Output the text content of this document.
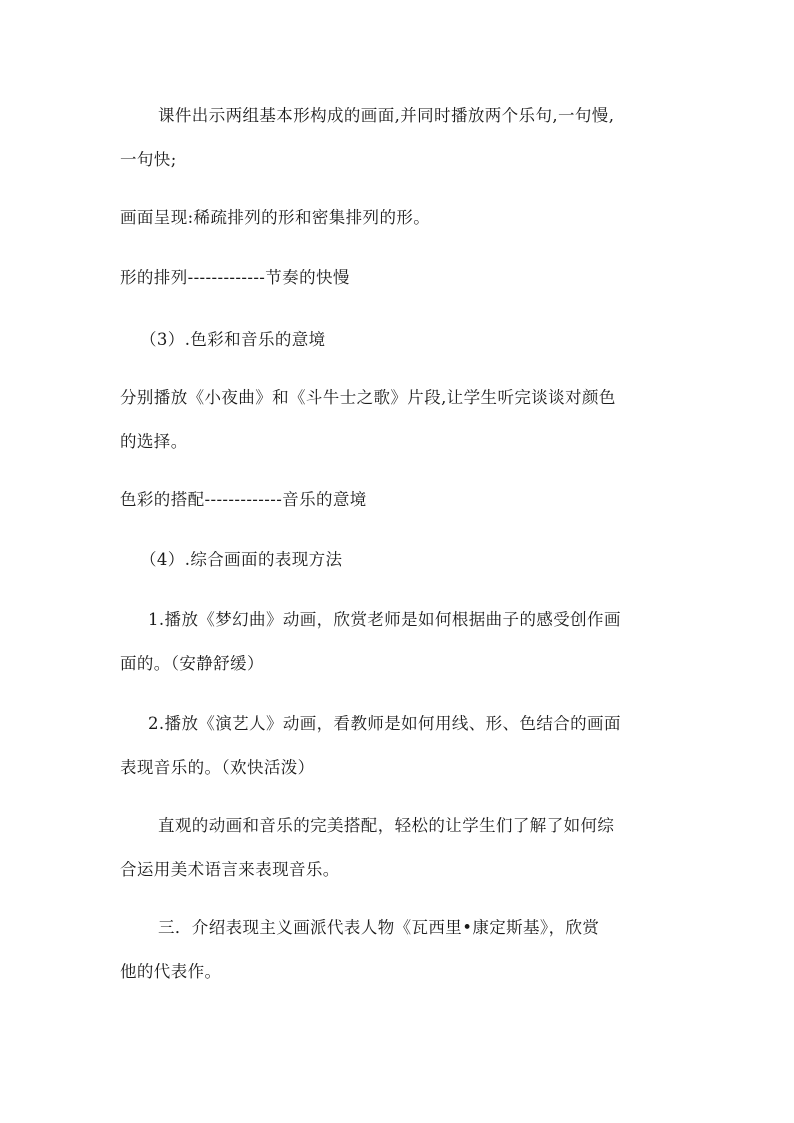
课件出示两组基本形构成的画面,并同时播放两个乐句,一句慢,
一句快;
画面呈现:稀疏排列的形和密集排列的形。
形的排列-------------节奏的快慢
（3）.色彩和音乐的意境
分别播放《小夜曲》和《斗牛士之歌》片段,让学生听完谈谈对颜色
的选择。
色彩的搭配-------------音乐的意境
（4）.综合画面的表现方法
1.播放《梦幻曲》动画，欣赏老师是如何根据曲子的感受创作画
面的。（安静舒缓）
2.播放《演艺人》动画，看教师是如何用线、形、色结合的画面
表现音乐的。（欢快活泼）
直观的动画和音乐的完美搭配，轻松的让学生们了解了如何综
合运用美术语言来表现音乐。
三．介绍表现主义画派代表人物《瓦西里•康定斯基》，欣赏
他的代表作。
